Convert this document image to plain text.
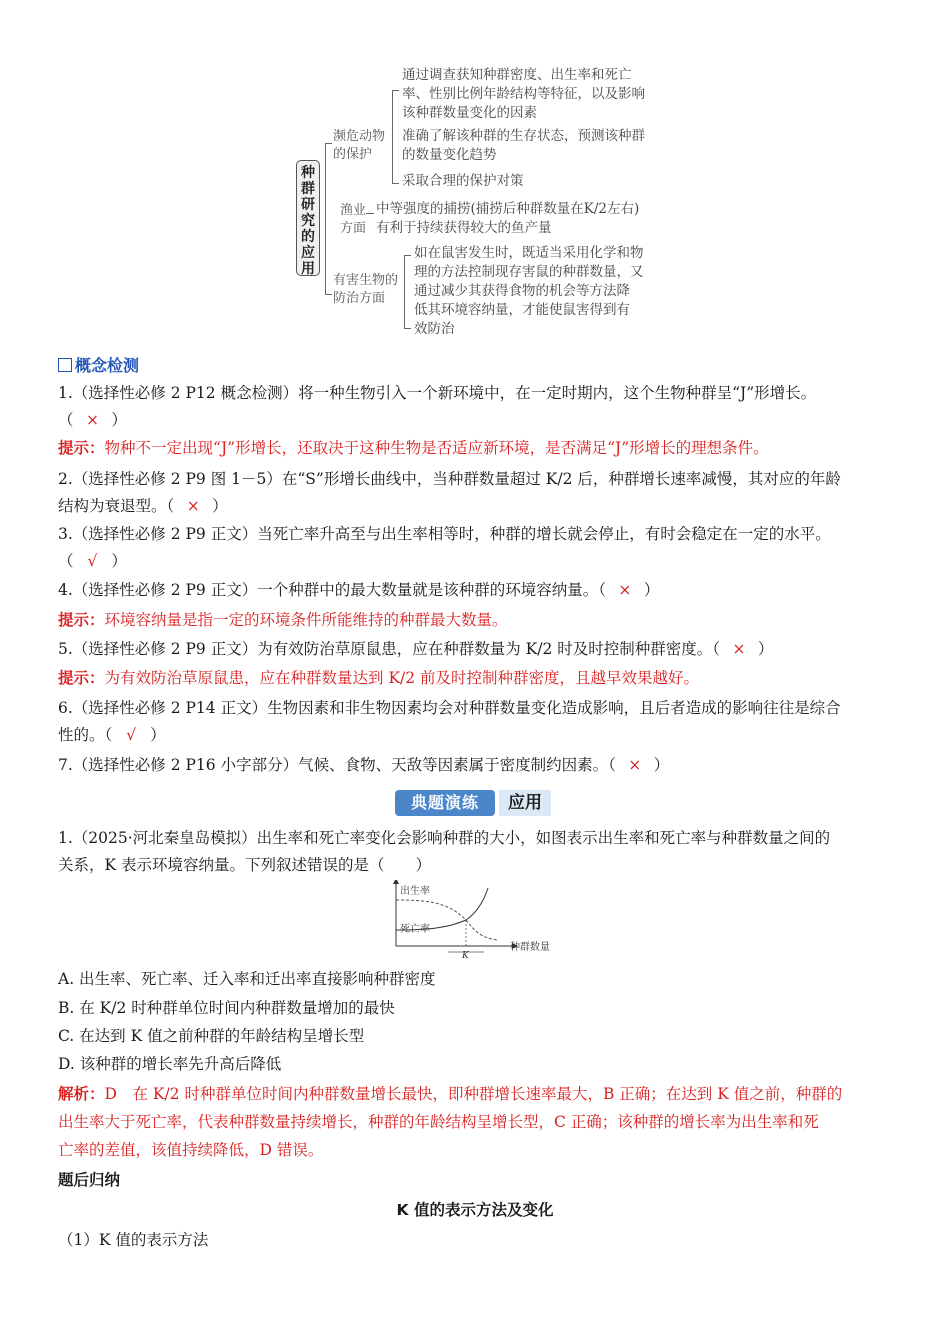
种
群
研
究
的
应
用
濒危动物
的保护
通过调查获知种群密度、出生率和死亡
率、性别比例年龄结构等特征，以及影响
该种群数量变化的因素
准确了解该种群的生存状态，预测该种群
的数量变化趋势
采取合理的保护对策
渔业
方面
中等强度的捕捞(捕捞后种群数量在K/2左右)
有利于持续获得较大的鱼产量
有害生物的
防治方面
如在鼠害发生时，既适当采用化学和物
理的方法控制现存害鼠的种群数量，又
通过减少其获得食物的机会等方法降
低其环境容纳量，才能使鼠害得到有
效防治
概念检测
1.（选择性必修 2 P12 概念检测）将一种生物引入一个新环境中，在一定时期内，这个生物种群呈“J”形增长。
（ × ）
提示：物种不一定出现“J”形增长，还取决于这种生物是否适应新环境，是否满足“J”形增长的理想条件。
2.（选择性必修 2 P9 图 1－5）在“S”形增长曲线中，当种群数量超过 K/2 后，种群增长速率减慢，其对应的年龄
结构为衰退型。（ × ）
3.（选择性必修 2 P9 正文）当死亡率升高至与出生率相等时，种群的增长就会停止，有时会稳定在一定的水平。
（ √ ）
4.（选择性必修 2 P9 正文）一个种群中的最大数量就是该种群的环境容纳量。（ × ）
提示：环境容纳量是指一定的环境条件所能维持的种群最大数量。
5.（选择性必修 2 P9 正文）为有效防治草原鼠患，应在种群数量为 K/2 时及时控制种群密度。（ × ）
提示：为有效防治草原鼠患，应在种群数量达到 K/2 前及时控制种群密度，且越早效果越好。
6.（选择性必修 2 P14 正文）生物因素和非生物因素均会对种群数量变化造成影响，且后者造成的影响往往是综合
性的。（ √ ）
7.（选择性必修 2 P16 小字部分）气候、食物、天敌等因素属于密度制约因素。（ × ）
典题演练	应用
1.（2025·河北秦皇岛模拟）出生率和死亡率变化会影响种群的大小，如图表示出生率和死亡率与种群数量之间的
关系，K 表示环境容纳量。下列叙述错误的是（　　）
出生率
死亡率
K
种群数量
A. 出生率、死亡率、迁入率和迁出率直接影响种群密度
B. 在 K/2 时种群单位时间内种群数量增加的最快
C. 在达到 K 值之前种群的年龄结构呈增长型
D. 该种群的增长率先升高后降低
解析：D　在 K/2 时种群单位时间内种群数量增长最快，即种群增长速率最大，B 正确；在达到 K 值之前，种群的
出生率大于死亡率，代表种群数量持续增长，种群的年龄结构呈增长型，C 正确；该种群的增长率为出生率和死
亡率的差值，该值持续降低，D 错误。
题后归纳
K 值的表示方法及变化
（1）K 值的表示方法
